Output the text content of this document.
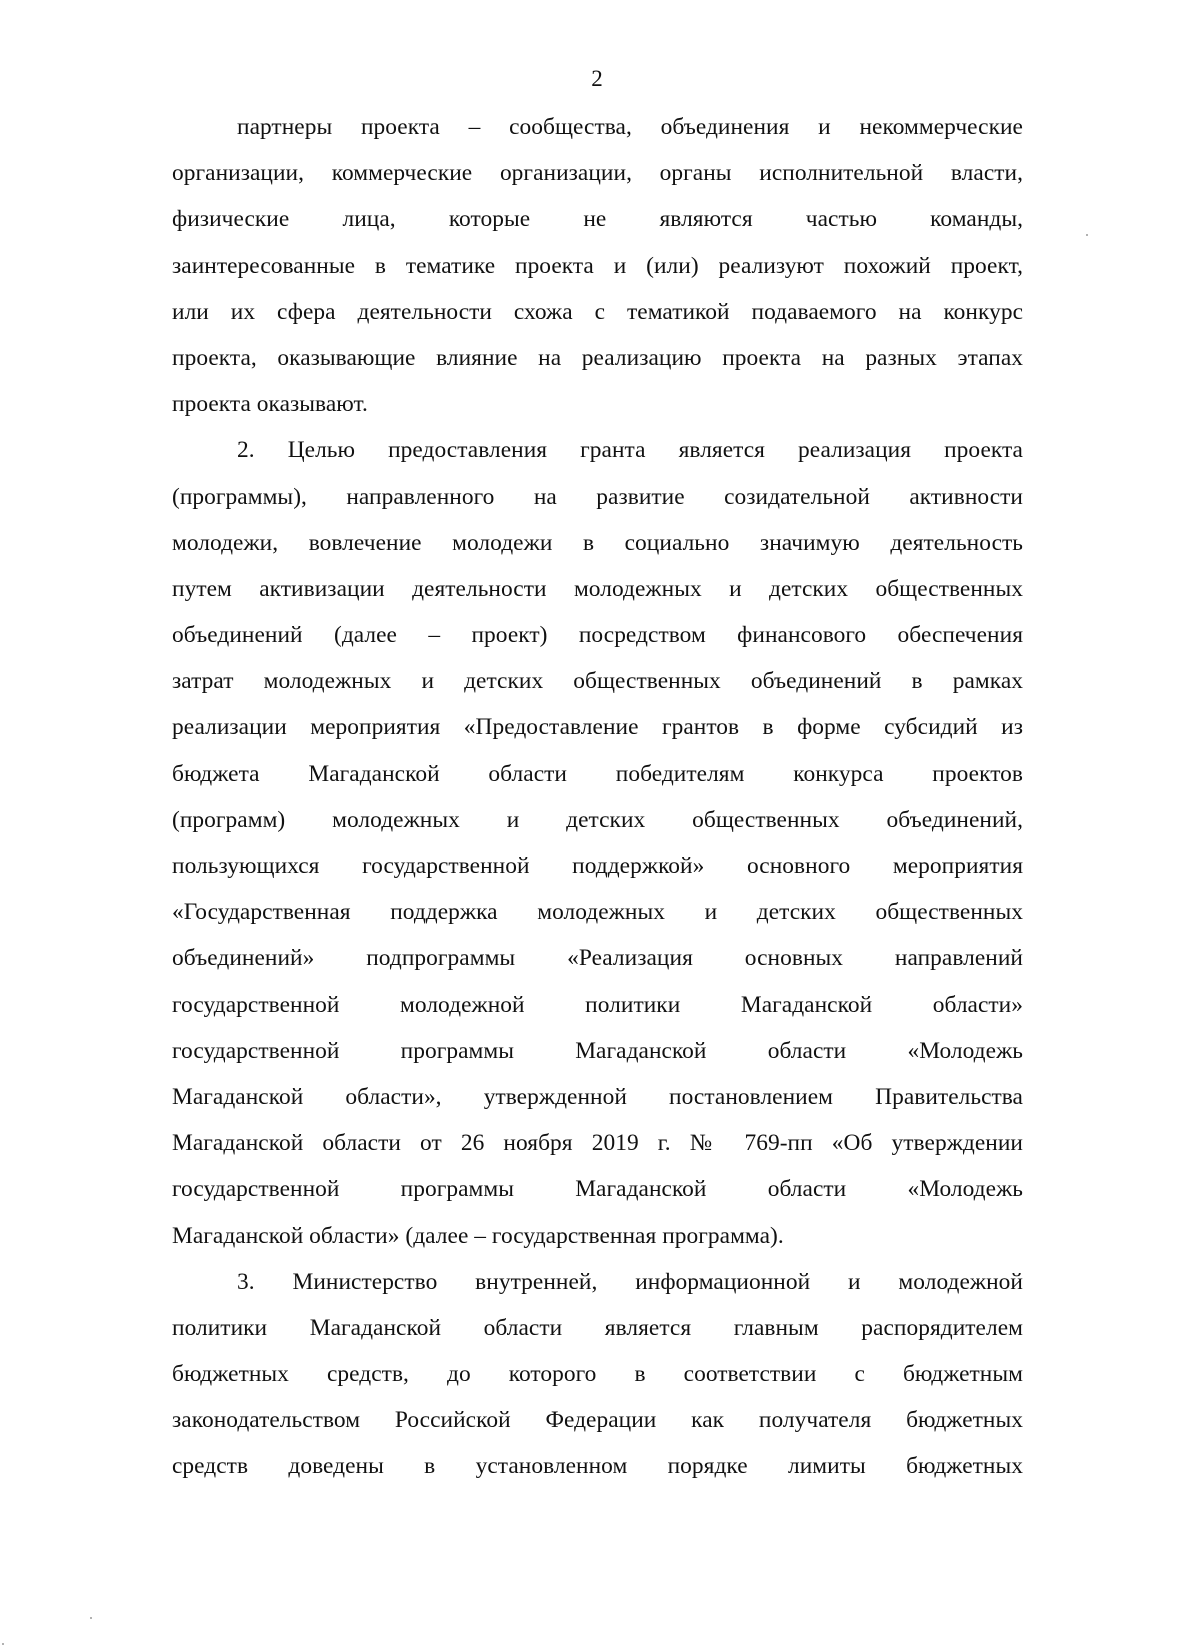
2
партнеры проекта – сообщества, объединения и некоммерческие
организации, коммерческие организации, органы исполнительной власти,
физические лица, которые не являются частью команды,
заинтересованные в тематике проекта и (или) реализуют похожий проект,
или их сфера деятельности схожа с тематикой подаваемого на конкурс
проекта, оказывающие влияние на реализацию проекта на разных этапах
проекта оказывают.
2. Целью предоставления гранта является реализация проекта
(программы), направленного на развитие созидательной активности
молодежи, вовлечение молодежи в социально значимую деятельность
путем активизации деятельности молодежных и детских общественных
объединений (далее – проект) посредством финансового обеспечения
затрат молодежных и детских общественных объединений в рамках
реализации мероприятия «Предоставление грантов в форме субсидий из
бюджета Магаданской области победителям конкурса проектов
(программ) молодежных и детских общественных объединений,
пользующихся государственной поддержкой» основного мероприятия
«Государственная поддержка молодежных и детских общественных
объединений» подпрограммы «Реализация основных направлений
государственной молодежной политики Магаданской области»
государственной программы Магаданской области «Молодежь
Магаданской области», утвержденной постановлением Правительства
Магаданской области от 26 ноября 2019 г. № 769-пп «Об утверждении
государственной программы Магаданской области «Молодежь
Магаданской области» (далее – государственная программа).
3. Министерство внутренней, информационной и молодежной
политики Магаданской области является главным распорядителем
бюджетных средств, до которого в соответствии с бюджетным
законодательством Российской Федерации как получателя бюджетных
средств доведены в установленном порядке лимиты бюджетных
